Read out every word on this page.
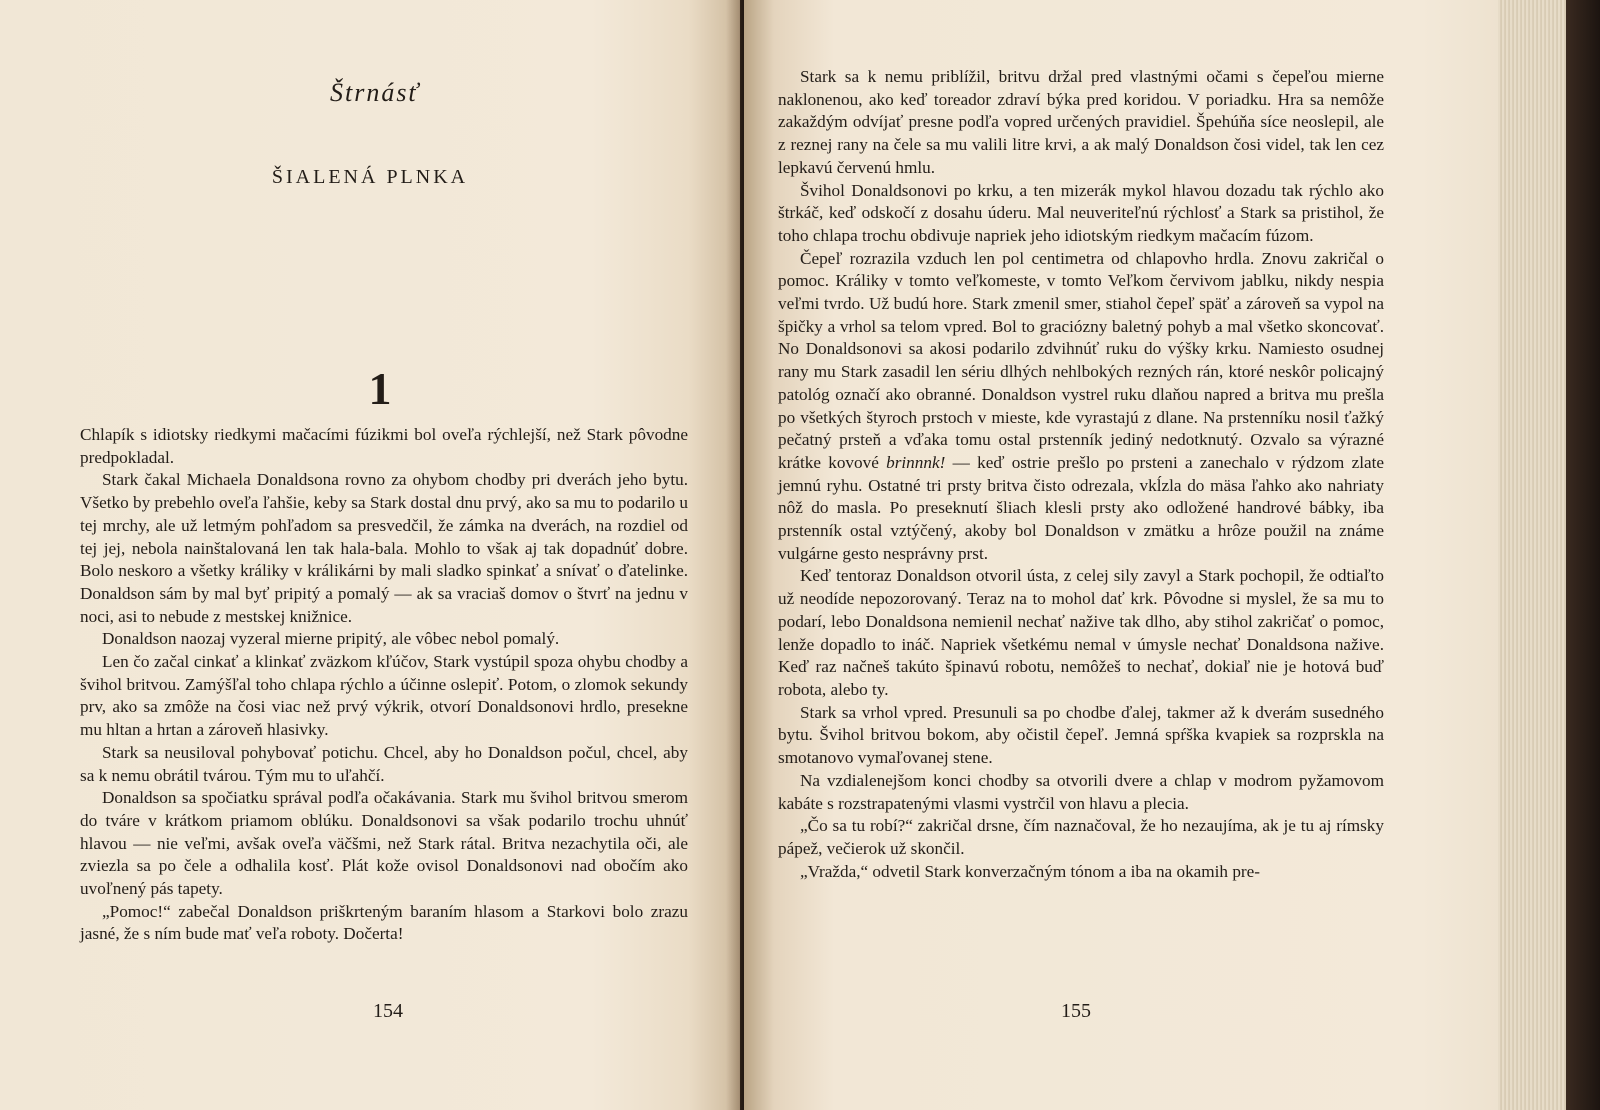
Štrnásť
ŠIALENÁ PLNKA
1

Chlapík s idiotsky riedkymi mačacími fúzikmi bol oveľa rýchlejší, než Stark pôvodne predpokladal.

Stark čakal Michaela Donaldsona rovno za ohybom chodby pri dverách jeho bytu. Všetko by prebehlo oveľa ľahšie, keby sa Stark dostal dnu prvý, ako sa mu to podarilo u tej mrchy, ale už letmým pohľadom sa presvedčil, že zámka na dverách, na rozdiel od tej jej, nebola nainštalovaná len tak hala-bala. Mohlo to však aj tak dopadnúť dobre. Bolo neskoro a všetky králiky v králikárni by mali sladko spinkať a snívať o ďatelinke. Donaldson sám by mal byť pripitý a pomalý — ak sa vraciaš domov o štvrť na jednu v noci, asi to nebude z mestskej knižnice.

Donaldson naozaj vyzeral mierne pripitý, ale vôbec nebol pomalý.

Len čo začal cinkať a klinkať zväzkom kľúčov, Stark vystúpil spoza ohybu chodby a švihol britvou. Zamýšľal toho chlapa rýchlo a účinne oslepiť. Potom, o zlomok sekundy prv, ako sa zmôže na čosi viac než prvý výkrik, otvorí Donaldsonovi hrdlo, presekne mu hltan a hrtan a zároveň hlasivky.

Stark sa neusiloval pohybovať potichu. Chcel, aby ho Donaldson počul, chcel, aby sa k nemu obrátil tvárou. Tým mu to uľahčí.

Donaldson sa spočiatku správal podľa očakávania. Stark mu švihol britvou smerom do tváre v krátkom priamom oblúku. Donaldsonovi sa však podarilo trochu uhnúť hlavou — nie veľmi, avšak oveľa väčšmi, než Stark rátal. Britva nezachytila oči, ale zviezla sa po čele a odhalila kosť. Plát kože ovisol Donaldsonovi nad obočím ako uvoľnený pás tapety.

„Pomoc!“ zabečal Donaldson priškrteným baraním hlasom a Starkovi bolo zrazu jasné, že s ním bude mať veľa roboty. Dočerta!

154

Stark sa k nemu priblížil, britvu držal pred vlastnými očami s čepeľou mierne naklonenou, ako keď toreador zdraví býka pred koridou. V poriadku. Hra sa nemôže zakaždým odvíjať presne podľa vopred určených pravidiel. Špehúňa síce neoslepil, ale z reznej rany na čele sa mu valili litre krvi, a ak malý Donaldson čosi videl, tak len cez lepkavú červenú hmlu.

Švihol Donaldsonovi po krku, a ten mizerák mykol hlavou dozadu tak rýchlo ako štrkáč, keď odskočí z dosahu úderu. Mal neuveriteľnú rýchlosť a Stark sa pristihol, že toho chlapa trochu obdivuje napriek jeho idiotským riedkym mačacím fúzom.

Čepeľ rozrazila vzduch len pol centimetra od chlapovho hrdla. Znovu zakričal o pomoc. Králiky v tomto veľkomeste, v tomto Veľkom červivom jablku, nikdy nespia veľmi tvrdo. Už budú hore. Stark zmenil smer, stiahol čepeľ späť a zároveň sa vypol na špičky a vrhol sa telom vpred. Bol to graciózny baletný pohyb a mal všetko skoncovať. No Donaldsonovi sa akosi podarilo zdvihnúť ruku do výšky krku. Namiesto osudnej rany mu Stark zasadil len sériu dlhých nehlbokých rezných rán, ktoré neskôr policajný patológ označí ako obranné. Donaldson vystrel ruku dlaňou napred a britva mu prešla po všetkých štyroch prstoch v mieste, kde vyrastajú z dlane. Na prstenníku nosil ťažký pečatný prsteň a vďaka tomu ostal prstenník jediný nedotknutý. Ozvalo sa výrazné krátke kovové brinnnk! — keď ostrie prešlo po prsteni a zanechalo v rýdzom zlate jemnú ryhu. Ostatné tri prsty britva čisto odrezala, vkĺzla do mäsa ľahko ako nahriaty nôž do masla. Po preseknutí šliach klesli prsty ako odložené handrové bábky, iba prstenník ostal vztýčený, akoby bol Donaldson v zmätku a hrôze použil na známe vulgárne gesto nesprávny prst.

Keď tentoraz Donaldson otvoril ústa, z celej sily zavyl a Stark pochopil, že odtiaľto už neodíde nepozorovaný. Teraz na to mohol dať krk. Pôvodne si myslel, že sa mu to podarí, lebo Donaldsona nemienil nechať nažive tak dlho, aby stihol zakričať o pomoc, lenže dopadlo to ináč. Napriek všetkému nemal v úmysle nechať Donaldsona nažive. Keď raz načneš takúto špinavú robotu, nemôžeš to nechať, dokiaľ nie je hotová buď robota, alebo ty.

Stark sa vrhol vpred. Presunuli sa po chodbe ďalej, takmer až k dverám susedného bytu. Švihol britvou bokom, aby očistil čepeľ. Jemná spŕška kvapiek sa rozprskla na smotanovo vymaľovanej stene.

Na vzdialenejšom konci chodby sa otvorili dvere a chlap v modrom pyžamovom kabáte s rozstrapatenými vlasmi vystrčil von hlavu a plecia.

„Čo sa tu robí?“ zakričal drsne, čím naznačoval, že ho nezaujíma, ak je tu aj rímsky pápež, večierok už skončil.

„Vražda,“ odvetil Stark konverzačným tónom a iba na okamih pre-

155
